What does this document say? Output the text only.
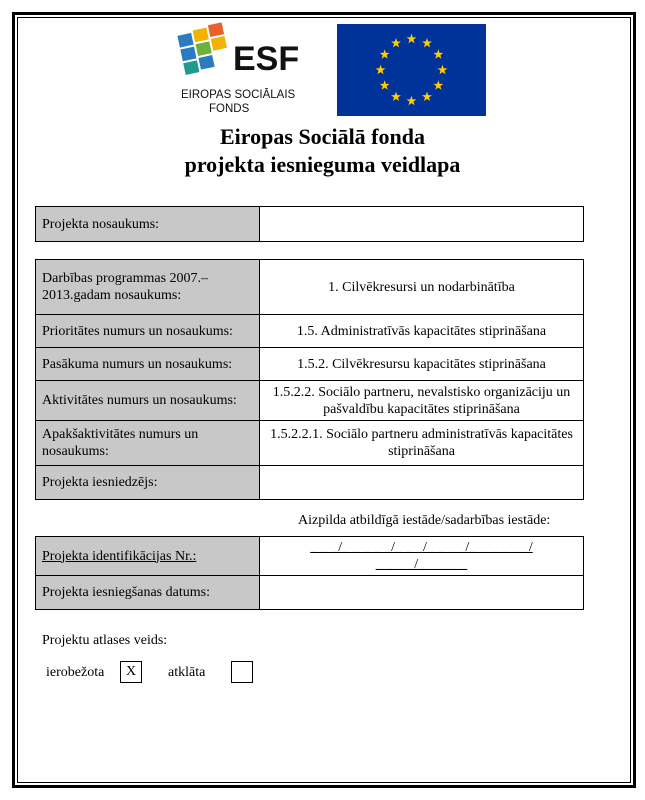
ESF
EIROPAS SOCIĀLAIS
FONDS
Eiropas Sociālā fonda
projekta iesnieguma veidlapa
Projekta nosaukums:	
Darbības programmas 2007.–2013.gadam nosaukums:	1. Cilvēkresursi un nodarbinātība
Prioritātes numurs un nosaukums:	1.5. Administratīvās kapacitātes stiprināšana
Pasākuma numurs un nosaukums:	1.5.2. Cilvēkresursu kapacitātes stiprināšana
Aktivitātes numurs un nosaukums:	1.5.2.2. Sociālo partneru, nevalstisko organizāciju un pašvaldību kapacitātes stiprināšana
Apakšaktivitātes numurs un nosaukums:	1.5.2.2.1. Sociālo partneru administratīvās kapacitātes stiprināšana
Projekta iesniedzējs:	
Aizpilda atbildīgā iestāde/sadarbības iestāde:
Projekta identifikācijas Nr.:	_ _ _/_ _ _ _ _/_ _ _/_ _ _ _/_ _ _ _ _ _/
_ _ _ _/_ _ _ _ _

Projekta iesniegšanas datums:	
Projektu atlases veids:
ierobežota	X	atklāta
